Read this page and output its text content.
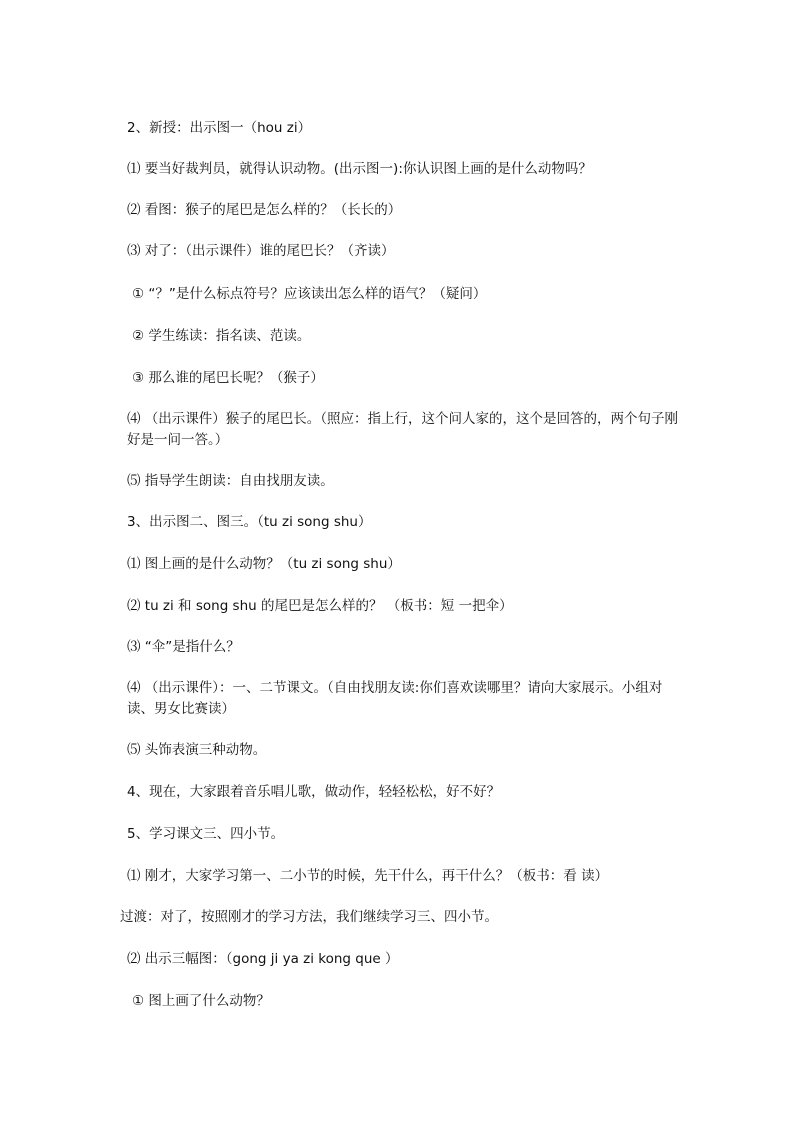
2、新授：出示图一（hou zi）
⑴ 要当好裁判员，就得认识动物。(出示图一):你认识图上画的是什么动物吗？
⑵ 看图：猴子的尾巴是怎么样的？（长长的）
⑶ 对了：（出示课件）谁的尾巴长？（齐读）
① “？”是什么标点符号？应该读出怎么样的语气？（疑问）
② 学生练读：指名读、范读。
③ 那么谁的尾巴长呢？（猴子）
⑷ （出示课件）猴子的尾巴长。（照应：指上行，这个问人家的，这个是回答的，两个句子刚好是一问一答。）
⑸ 指导学生朗读：自由找朋友读。
3、出示图二、图三。（tu zi song shu）
⑴ 图上画的是什么动物？（tu zi song shu）
⑵ tu zi 和 song shu 的尾巴是怎么样的？ （板书：短 一把伞）
⑶ “伞”是指什么？
⑷ （出示课件）：一、二节课文。（自由找朋友读:你们喜欢读哪里？请向大家展示。小组对读、男女比赛读）
⑸ 头饰表演三种动物。
4、现在，大家跟着音乐唱儿歌，做动作，轻轻松松，好不好？
5、学习课文三、四小节。
⑴ 刚才，大家学习第一、二小节的时候，先干什么，再干什么？（板书：看 读）
过渡：对了，按照刚才的学习方法，我们继续学习三、四小节。
⑵ 出示三幅图：（gong ji ya zi kong que ）
① 图上画了什么动物？
